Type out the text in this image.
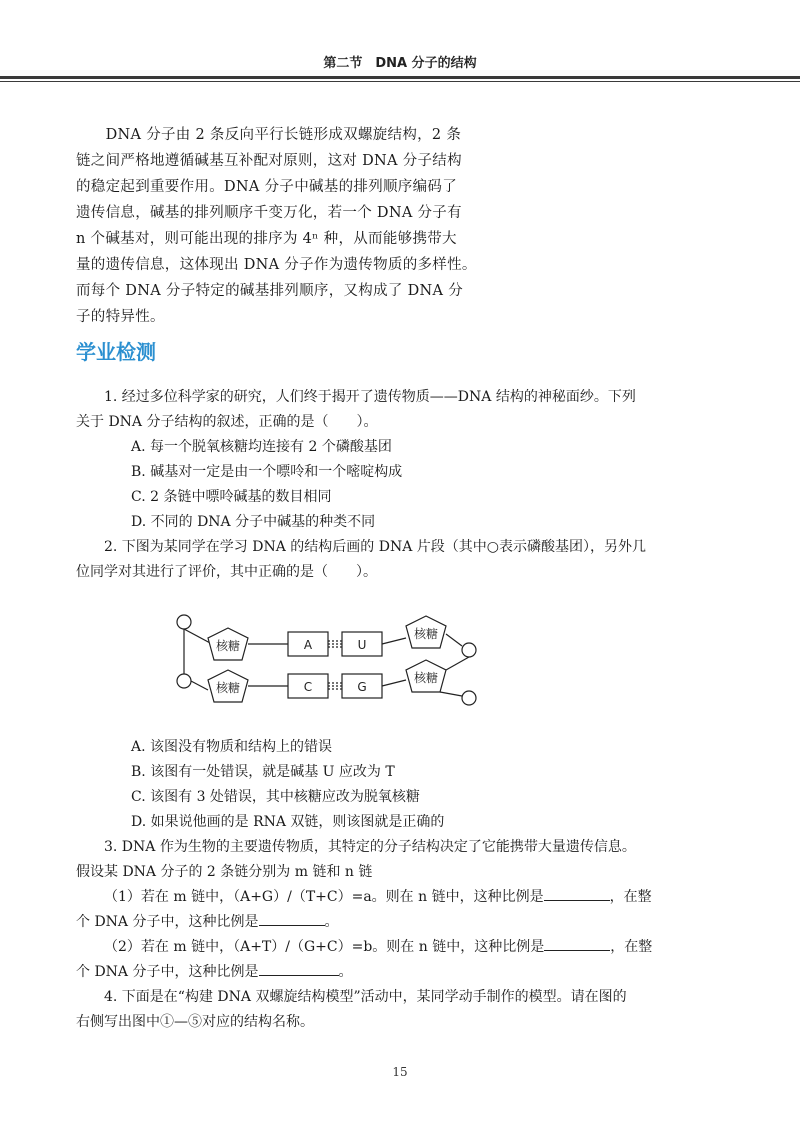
第二节　DNA 分子的结构
　　DNA 分子由 2 条反向平行长链形成双螺旋结构，2 条
链之间严格地遵循碱基互补配对原则，这对 DNA 分子结构
的稳定起到重要作用。DNA 分子中碱基的排列顺序编码了
遗传信息，碱基的排列顺序千变万化，若一个 DNA 分子有
n 个碱基对，则可能出现的排序为 4ⁿ 种，从而能够携带大
量的遗传信息，这体现出 DNA 分子作为遗传物质的多样性。
而每个 DNA 分子特定的碱基排列顺序，又构成了 DNA 分
子的特异性。
学业检测
1. 经过多位科学家的研究，人们终于揭开了遗传物质——DNA 结构的神秘面纱。下列
关于 DNA 分子结构的叙述，正确的是（　　）。
A. 每一个脱氧核糖均连接有 2 个磷酸基团
B. 碱基对一定是由一个嘌呤和一个嘧啶构成
C. 2 条链中嘌呤碱基的数目相同
D. 不同的 DNA 分子中碱基的种类不同
2. 下图为某同学在学习 DNA 的结构后画的 DNA 片段（其中○表示磷酸基团），另外几
位同学对其进行了评价，其中正确的是（　　）。
核糖	A	U
核糖
核糖	C	G
核糖
A. 该图没有物质和结构上的错误
B. 该图有一处错误，就是碱基 U 应改为 T
C. 该图有 3 处错误，其中核糖应改为脱氧核糖
D. 如果说他画的是 RNA 双链，则该图就是正确的
3. DNA 作为生物的主要遗传物质，其特定的分子结构决定了它能携带大量遗传信息。
假设某 DNA 分子的 2 条链分别为 m 链和 n 链
（1）若在 m 链中，（A+G）/（T+C）=a。则在 n 链中，这种比例是	，在整
个 DNA 分子中，这种比例是	。
（2）若在 m 链中，（A+T）/（G+C）=b。则在 n 链中，这种比例是	，在整
个 DNA 分子中，这种比例是	。
4. 下面是在“构建 DNA 双螺旋结构模型”活动中，某同学动手制作的模型。请在图的
右侧写出图中①—⑤对应的结构名称。
15
